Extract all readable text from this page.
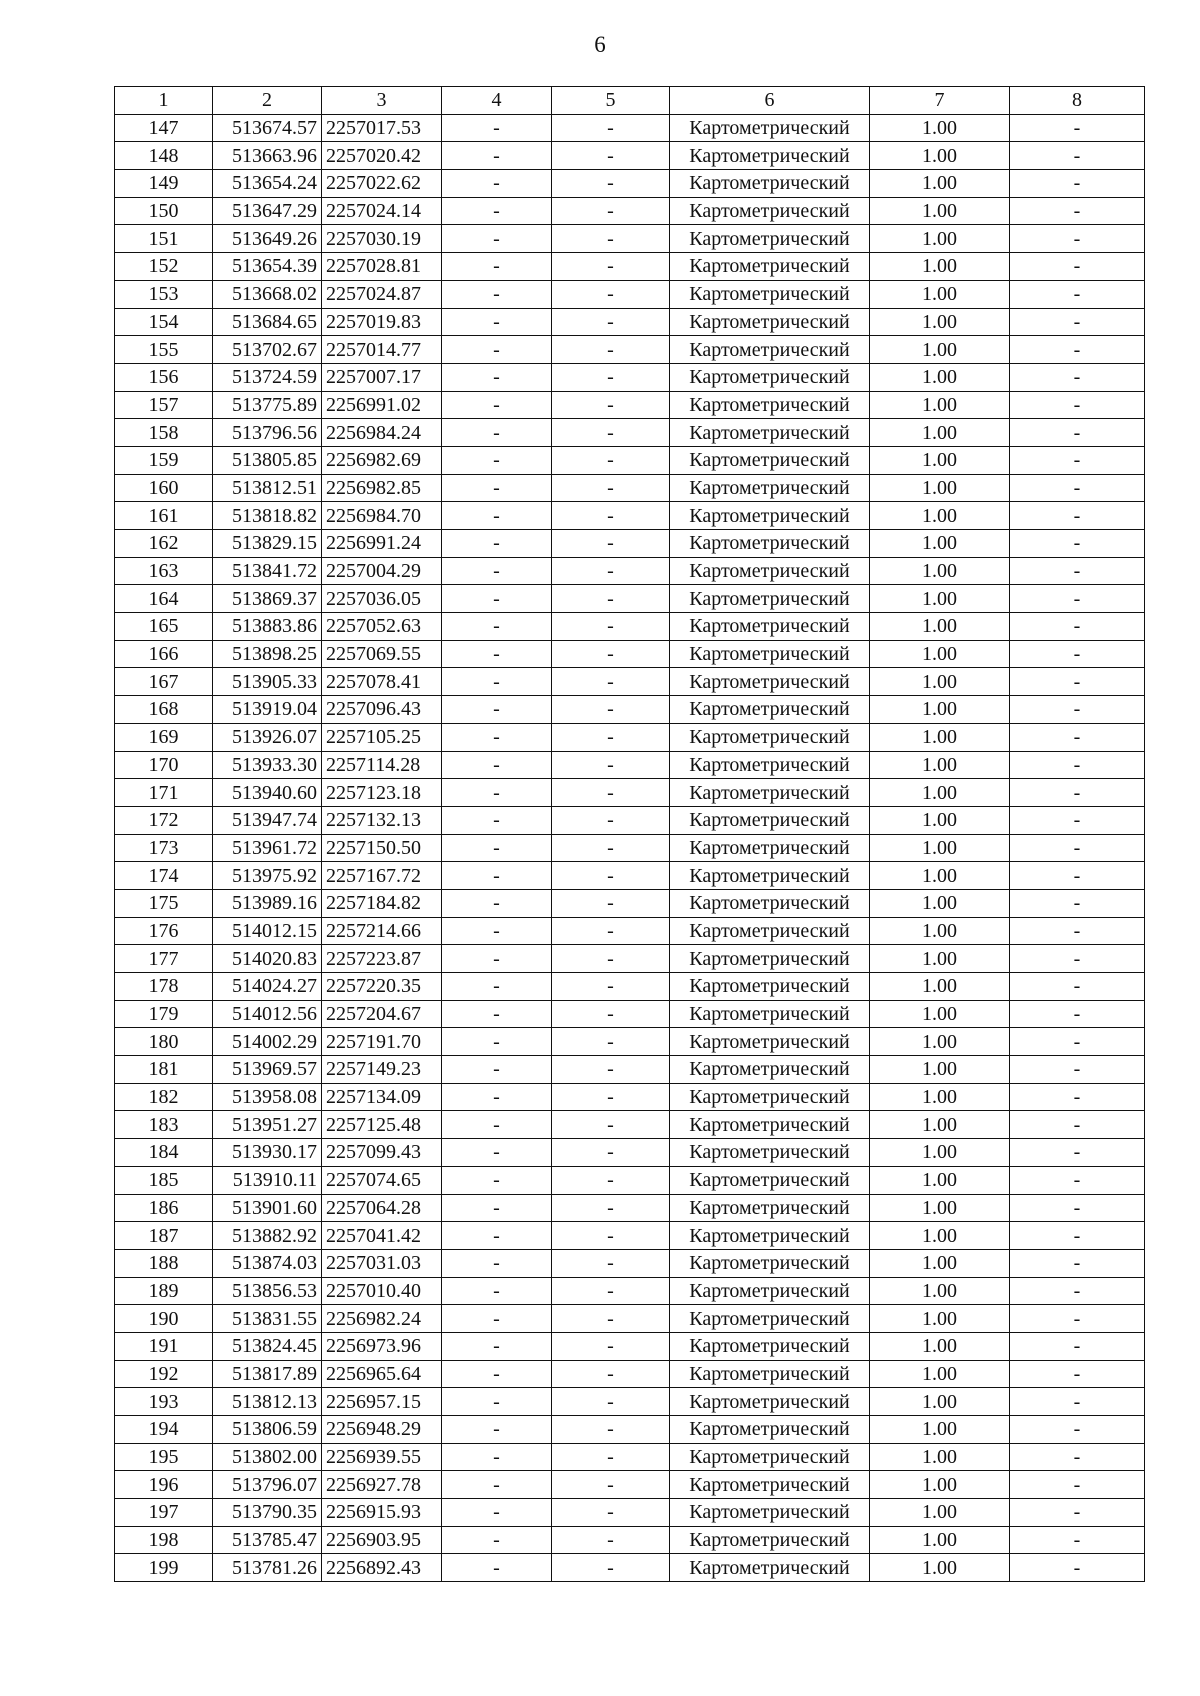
6
1	2	3	4	5	6	7	8
147	513674.57	2257017.53	-	-	Картометрический	1.00	-
148	513663.96	2257020.42	-	-	Картометрический	1.00	-
149	513654.24	2257022.62	-	-	Картометрический	1.00	-
150	513647.29	2257024.14	-	-	Картометрический	1.00	-
151	513649.26	2257030.19	-	-	Картометрический	1.00	-
152	513654.39	2257028.81	-	-	Картометрический	1.00	-
153	513668.02	2257024.87	-	-	Картометрический	1.00	-
154	513684.65	2257019.83	-	-	Картометрический	1.00	-
155	513702.67	2257014.77	-	-	Картометрический	1.00	-
156	513724.59	2257007.17	-	-	Картометрический	1.00	-
157	513775.89	2256991.02	-	-	Картометрический	1.00	-
158	513796.56	2256984.24	-	-	Картометрический	1.00	-
159	513805.85	2256982.69	-	-	Картометрический	1.00	-
160	513812.51	2256982.85	-	-	Картометрический	1.00	-
161	513818.82	2256984.70	-	-	Картометрический	1.00	-
162	513829.15	2256991.24	-	-	Картометрический	1.00	-
163	513841.72	2257004.29	-	-	Картометрический	1.00	-
164	513869.37	2257036.05	-	-	Картометрический	1.00	-
165	513883.86	2257052.63	-	-	Картометрический	1.00	-
166	513898.25	2257069.55	-	-	Картометрический	1.00	-
167	513905.33	2257078.41	-	-	Картометрический	1.00	-
168	513919.04	2257096.43	-	-	Картометрический	1.00	-
169	513926.07	2257105.25	-	-	Картометрический	1.00	-
170	513933.30	2257114.28	-	-	Картометрический	1.00	-
171	513940.60	2257123.18	-	-	Картометрический	1.00	-
172	513947.74	2257132.13	-	-	Картометрический	1.00	-
173	513961.72	2257150.50	-	-	Картометрический	1.00	-
174	513975.92	2257167.72	-	-	Картометрический	1.00	-
175	513989.16	2257184.82	-	-	Картометрический	1.00	-
176	514012.15	2257214.66	-	-	Картометрический	1.00	-
177	514020.83	2257223.87	-	-	Картометрический	1.00	-
178	514024.27	2257220.35	-	-	Картометрический	1.00	-
179	514012.56	2257204.67	-	-	Картометрический	1.00	-
180	514002.29	2257191.70	-	-	Картометрический	1.00	-
181	513969.57	2257149.23	-	-	Картометрический	1.00	-
182	513958.08	2257134.09	-	-	Картометрический	1.00	-
183	513951.27	2257125.48	-	-	Картометрический	1.00	-
184	513930.17	2257099.43	-	-	Картометрический	1.00	-
185	513910.11	2257074.65	-	-	Картометрический	1.00	-
186	513901.60	2257064.28	-	-	Картометрический	1.00	-
187	513882.92	2257041.42	-	-	Картометрический	1.00	-
188	513874.03	2257031.03	-	-	Картометрический	1.00	-
189	513856.53	2257010.40	-	-	Картометрический	1.00	-
190	513831.55	2256982.24	-	-	Картометрический	1.00	-
191	513824.45	2256973.96	-	-	Картометрический	1.00	-
192	513817.89	2256965.64	-	-	Картометрический	1.00	-
193	513812.13	2256957.15	-	-	Картометрический	1.00	-
194	513806.59	2256948.29	-	-	Картометрический	1.00	-
195	513802.00	2256939.55	-	-	Картометрический	1.00	-
196	513796.07	2256927.78	-	-	Картометрический	1.00	-
197	513790.35	2256915.93	-	-	Картометрический	1.00	-
198	513785.47	2256903.95	-	-	Картометрический	1.00	-
199	513781.26	2256892.43	-	-	Картометрический	1.00	-
